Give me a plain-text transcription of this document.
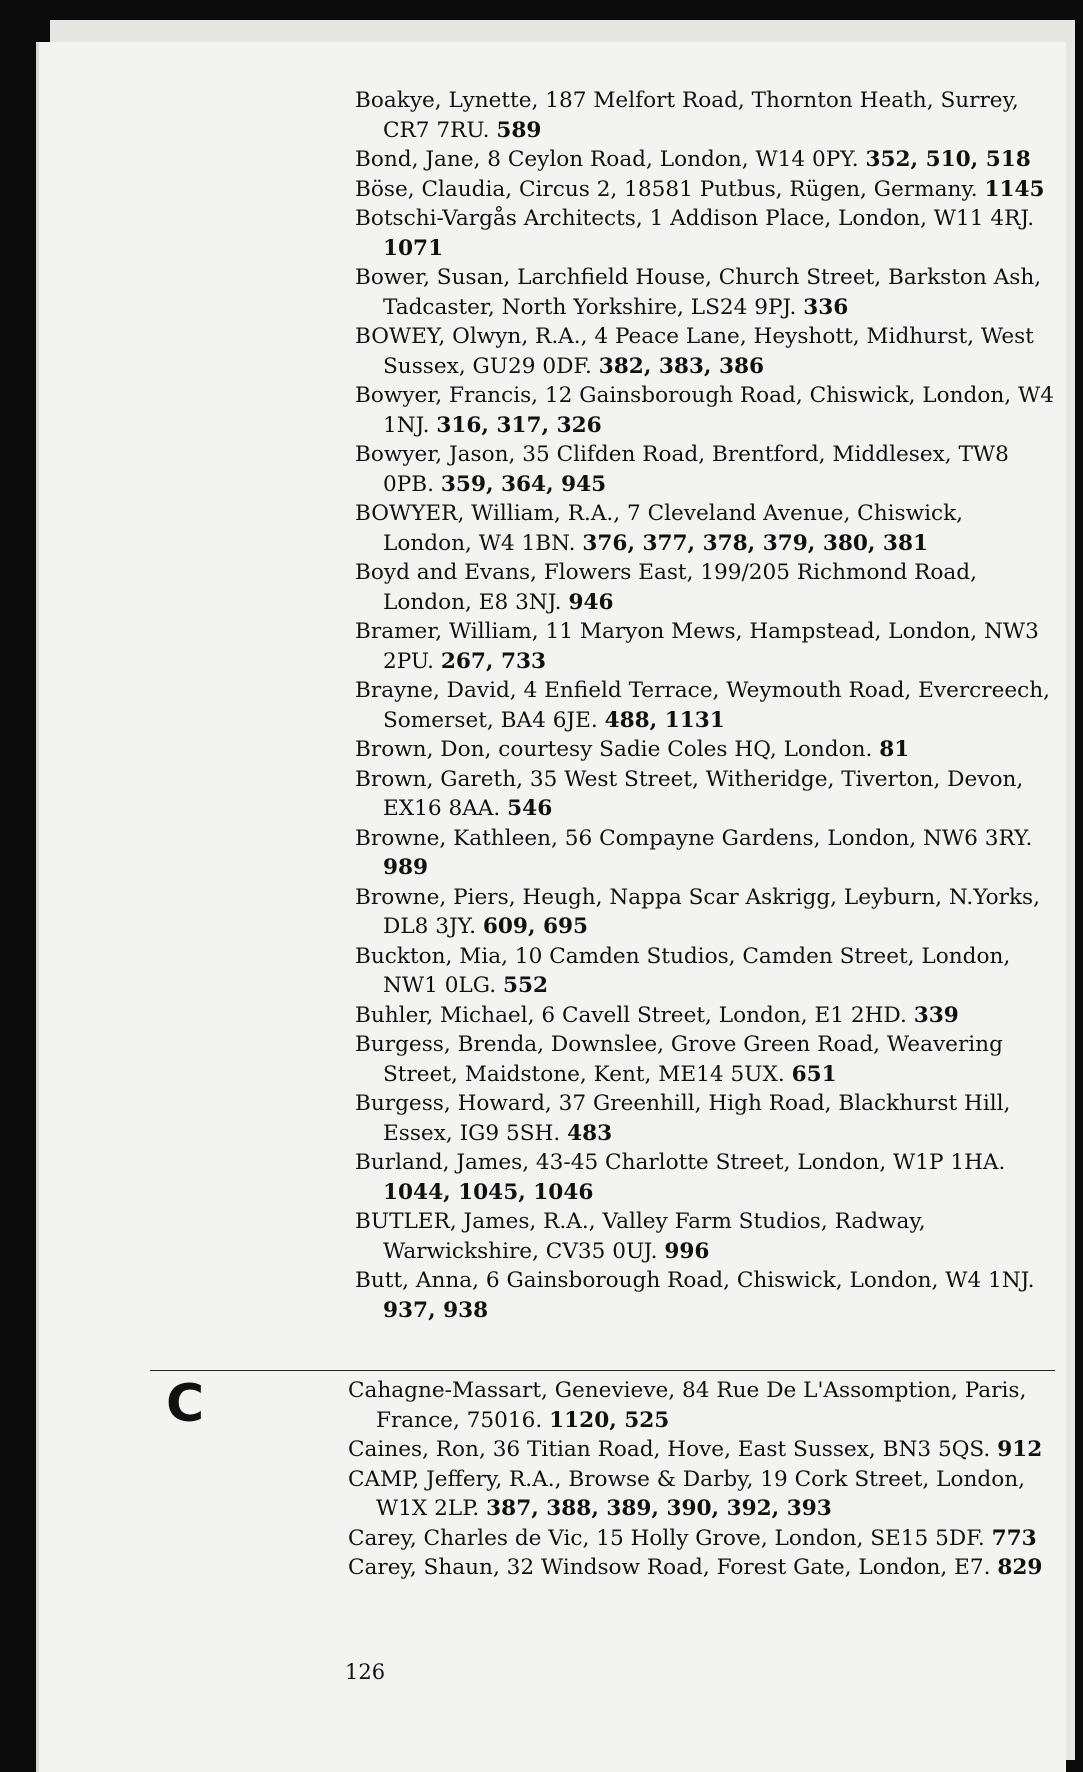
Boakye, Lynette, 187 Melfort Road, Thornton Heath, Surrey, CR7 7RU. 589
Bond, Jane, 8 Ceylon Road, London, W14 0PY. 352, 510, 518
Böse, Claudia, Circus 2, 18581 Putbus, Rügen, Germany. 1145
Botschi-Vargås Architects, 1 Addison Place, London, W11 4RJ. 1071
Bower, Susan, Larchfield House, Church Street, Barkston Ash, Tadcaster, North Yorkshire, LS24 9PJ. 336
BOWEY, Olwyn, R.A., 4 Peace Lane, Heyshott, Midhurst, West Sussex, GU29 0DF. 382, 383, 386
Bowyer, Francis, 12 Gainsborough Road, Chiswick, London, W4 1NJ. 316, 317, 326
Bowyer, Jason, 35 Clifden Road, Brentford, Middlesex, TW8 0PB. 359, 364, 945
BOWYER, William, R.A., 7 Cleveland Avenue, Chiswick, London, W4 1BN. 376, 377, 378, 379, 380, 381
Boyd and Evans, Flowers East, 199/205 Richmond Road, London, E8 3NJ. 946
Bramer, William, 11 Maryon Mews, Hampstead, London, NW3 2PU. 267, 733
Brayne, David, 4 Enfield Terrace, Weymouth Road, Evercreech, Somerset, BA4 6JE. 488, 1131
Brown, Don, courtesy Sadie Coles HQ, London. 81
Brown, Gareth, 35 West Street, Witheridge, Tiverton, Devon, EX16 8AA. 546
Browne, Kathleen, 56 Compayne Gardens, London, NW6 3RY. 989
Browne, Piers, Heugh, Nappa Scar Askrigg, Leyburn, N.Yorks, DL8 3JY. 609, 695
Buckton, Mia, 10 Camden Studios, Camden Street, London, NW1 0LG. 552
Buhler, Michael, 6 Cavell Street, London, E1 2HD. 339
Burgess, Brenda, Downslee, Grove Green Road, Weavering Street, Maidstone, Kent, ME14 5UX. 651
Burgess, Howard, 37 Greenhill, High Road, Blackhurst Hill, Essex, IG9 5SH. 483
Burland, James, 43-45 Charlotte Street, London, W1P 1HA. 1044, 1045, 1046
BUTLER, James, R.A., Valley Farm Studios, Radway, Warwickshire, CV35 0UJ. 996
Butt, Anna, 6 Gainsborough Road, Chiswick, London, W4 1NJ. 937, 938
C	Cahagne-Massart, Genevieve, 84 Rue De L'Assomption, Paris, France, 75016. 1120, 525
Caines, Ron, 36 Titian Road, Hove, East Sussex, BN3 5QS. 912
CAMP, Jeffery, R.A., Browse & Darby, 19 Cork Street, London, W1X 2LP. 387, 388, 389, 390, 392, 393
Carey, Charles de Vic, 15 Holly Grove, London, SE15 5DF. 773
Carey, Shaun, 32 Windsow Road, Forest Gate, London, E7. 829
126
